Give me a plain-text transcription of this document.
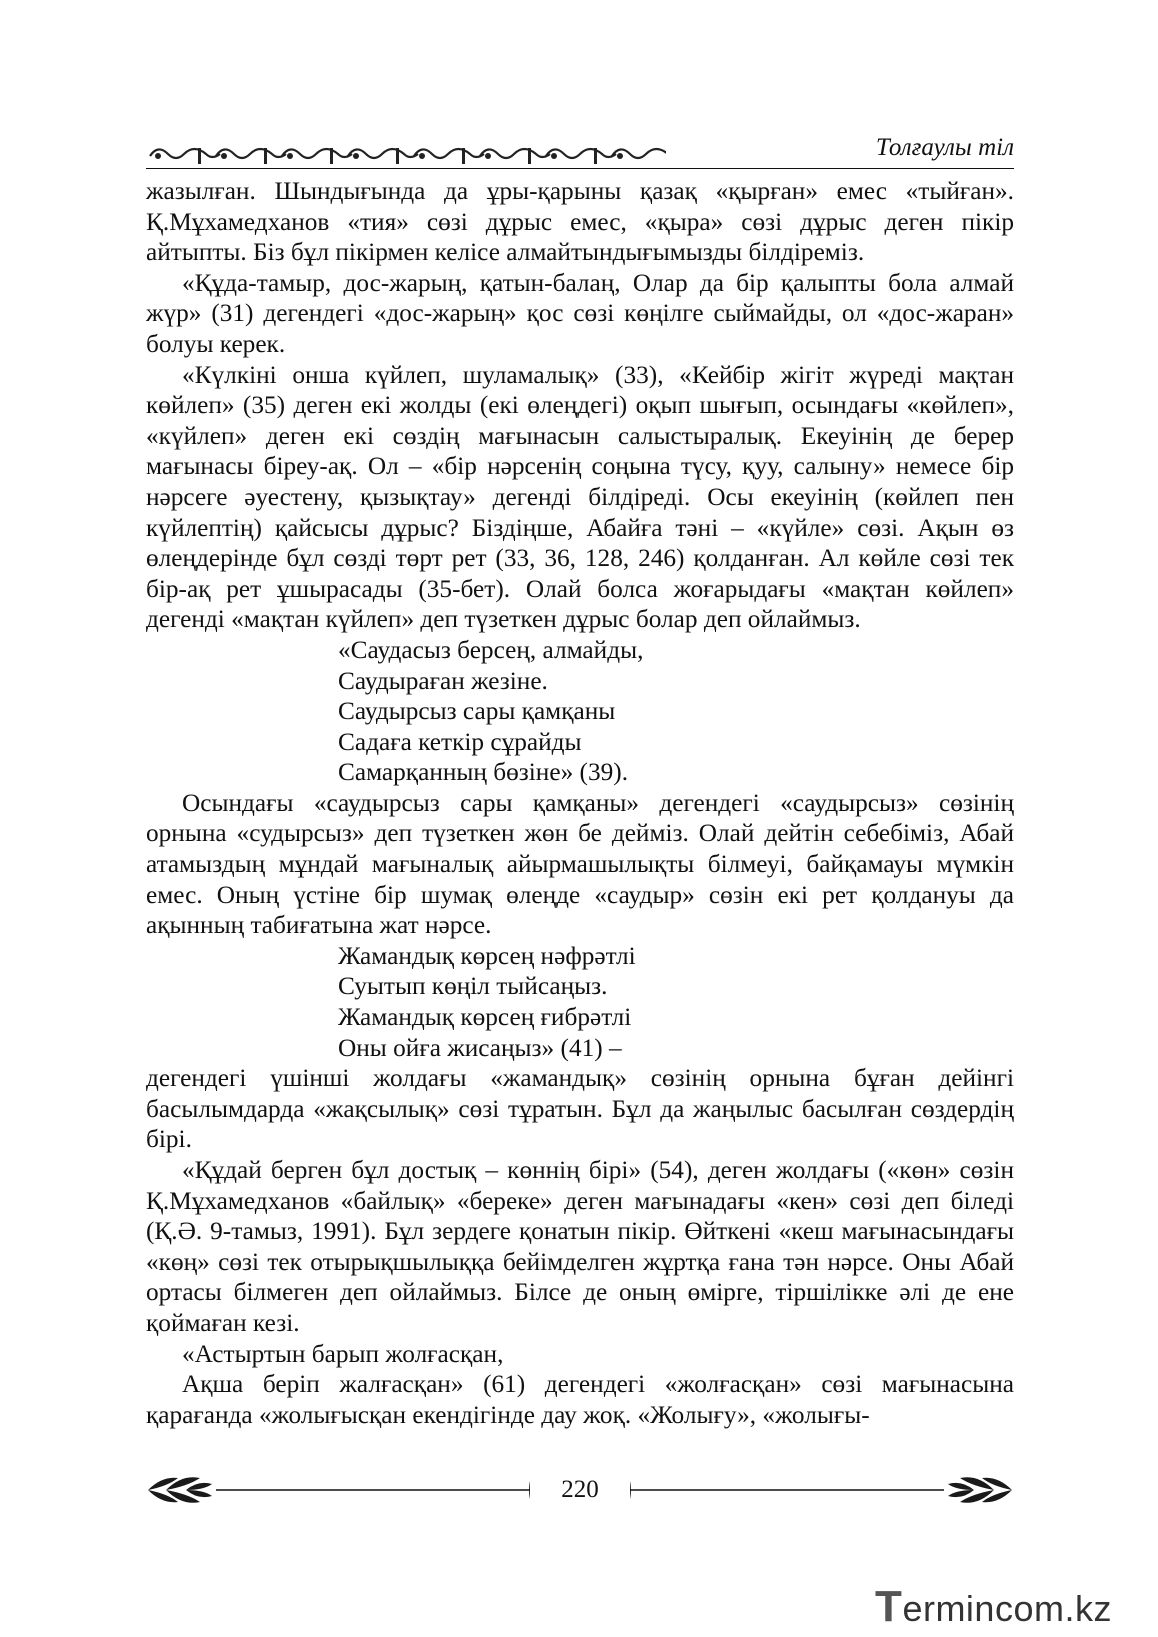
Толғаулы тіл

жазылған. Шындығында да ұры-қарыны қазақ «қырған» емес «тыйған». Қ.Мұхамедханов «тия» сөзі дұрыс емес, «қыра» сөзі дұрыс деген пікір айтыпты. Біз бұл пікірмен келісе алмайтындығымызды білдіреміз.

«Құда-тамыр, дос-жарың, қатын-балаң, Олар да бір қалыпты бола алмай жүр» (31) дегендегі «дос-жарың» қос сөзі көңілге сыймайды, ол «дос-жаран» болуы керек.

«Күлкіні онша күйлеп, шуламалық» (33), «Кейбір жігіт жүреді мақтан көйлеп» (35) деген екі жолды (екі өлеңдегі) оқып шығып, осындағы «көйлеп», «күйлеп» деген екі сөздің мағынасын салыстыралық. Екеуінің де берер мағынасы біреу-ақ. Ол – «бір нәрсенің соңына түсу, қуу, салыну» немесе бір нәрсеге әуестену, қызықтау» дегенді білдіреді. Осы екеуінің (көйлеп пен күйлептің) қайсысы дұрыс? Біздіңше, Абайға тәні – «күйле» сөзі. Ақын өз өлеңдерінде бұл сөзді төрт рет (33, 36, 128, 246) қолданған. Ал көйле сөзі тек бір-ақ рет ұшырасады (35-бет). Олай болса жоғарыдағы «мақтан көйлеп» дегенді «мақтан күйлеп» деп түзеткен дұрыс болар деп ойлаймыз.

«Саудасыз берсең, алмайды,
Саудыраған жезіне.
Саудырсыз сары қамқаны
Садаға кеткір сұрайды
Самарқанның бөзіне» (39).

Осындағы «саудырсыз сары қамқаны» дегендегі «саудырсыз» сөзінің орнына «судырсыз» деп түзеткен жөн бе дейміз. Олай дейтін себебіміз, Абай атамыздың мұндай мағыналық айырмашылықты білмеуі, байқамауы мүмкін емес. Оның үстіне бір шумақ өлеңде «саудыр» сөзін екі рет қолдануы да ақынның табиғатына жат нәрсе.

Жамандық көрсең нәфрәтлі
Суытып көңіл тыйсаңыз.
Жамандық көрсең ғибрәтлі
Оны ойға жисаңыз» (41) –

дегендегі үшінші жолдағы «жамандық» сөзінің орнына бұған дейінгі басылымдарда «жақсылық» сөзі тұратын. Бұл да жаңылыс басылған сөздердің бірі.

«Құдай берген бұл достық – көннің бірі» (54), деген жолдағы («көн» сөзін Қ.Мұхамедханов «байлық» «береке» деген мағынадағы «кен» сөзі деп біледі (Қ.Ә. 9-тамыз, 1991). Бұл зердеге қонатын пікір. Өйткені «кеш мағынасындағы «көң» сөзі тек отырықшылыққа бейімделген жұртқа ғана тән нәрсе. Оны Абай ортасы білмеген деп ойлаймыз. Білсе де оның өмірге, тіршілікке әлі де ене қоймаған кезі.

«Астыртын барып жолғасқан,

Ақша беріп жалғасқан» (61) дегендегі «жолғасқан» сөзі мағынасына қарағанда «жолығысқан екендігінде дау жоқ. «Жолығу», «жолығы-

220
Termincom.kz
